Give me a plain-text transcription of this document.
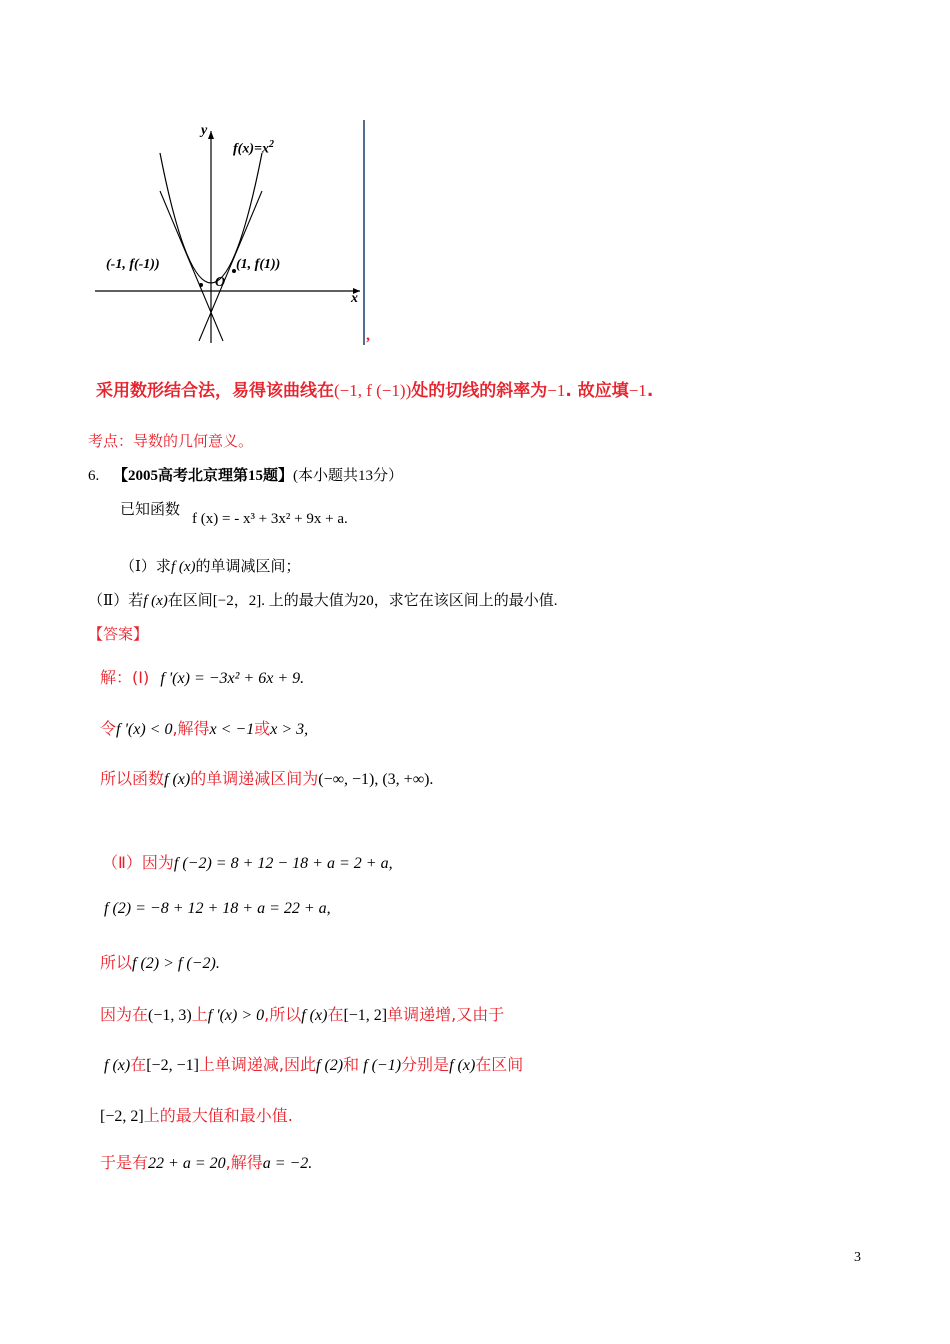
y
x
$f(x)=x^2$
O
(-1, f(-1))	(1, f(1))
,
采用数形结合法，易得该曲线在(−1, f (−1))处的切线的斜率为−1. 故应填−1.
考点：导数的几何意义。
6. 【2005高考北京理第15题】(本小题共13分）
已知函数
f (x) = - x³ + 3x² + 9x + a.
（Ⅰ）求f (x)的单调减区间；
（Ⅱ）若f (x)在区间[−2，2]. 上的最大值为20，求它在该区间上的最小值.
【答案】
解：(Ⅰ) f '(x) = −3x² + 6x + 9.
令f '(x) < 0,解得x < −1或x > 3,
所以函数f (x)的单调递减区间为(−∞, −1), (3, +∞).
（Ⅱ）因为f (−2) = 8 + 12 − 18 + a = 2 + a,
f (2) = −8 + 12 + 18 + a = 22 + a,
所以f (2) > f (−2).
因为在(−1, 3)上f '(x) > 0,所以f (x)在[−1, 2]单调递增,又由于
f (x)在[−2, −1]上单调递减,因此f (2)和 f (−1)分别是f (x)在区间
[−2, 2]上的最大值和最小值.
于是有22 + a = 20,解得a = −2.
3
